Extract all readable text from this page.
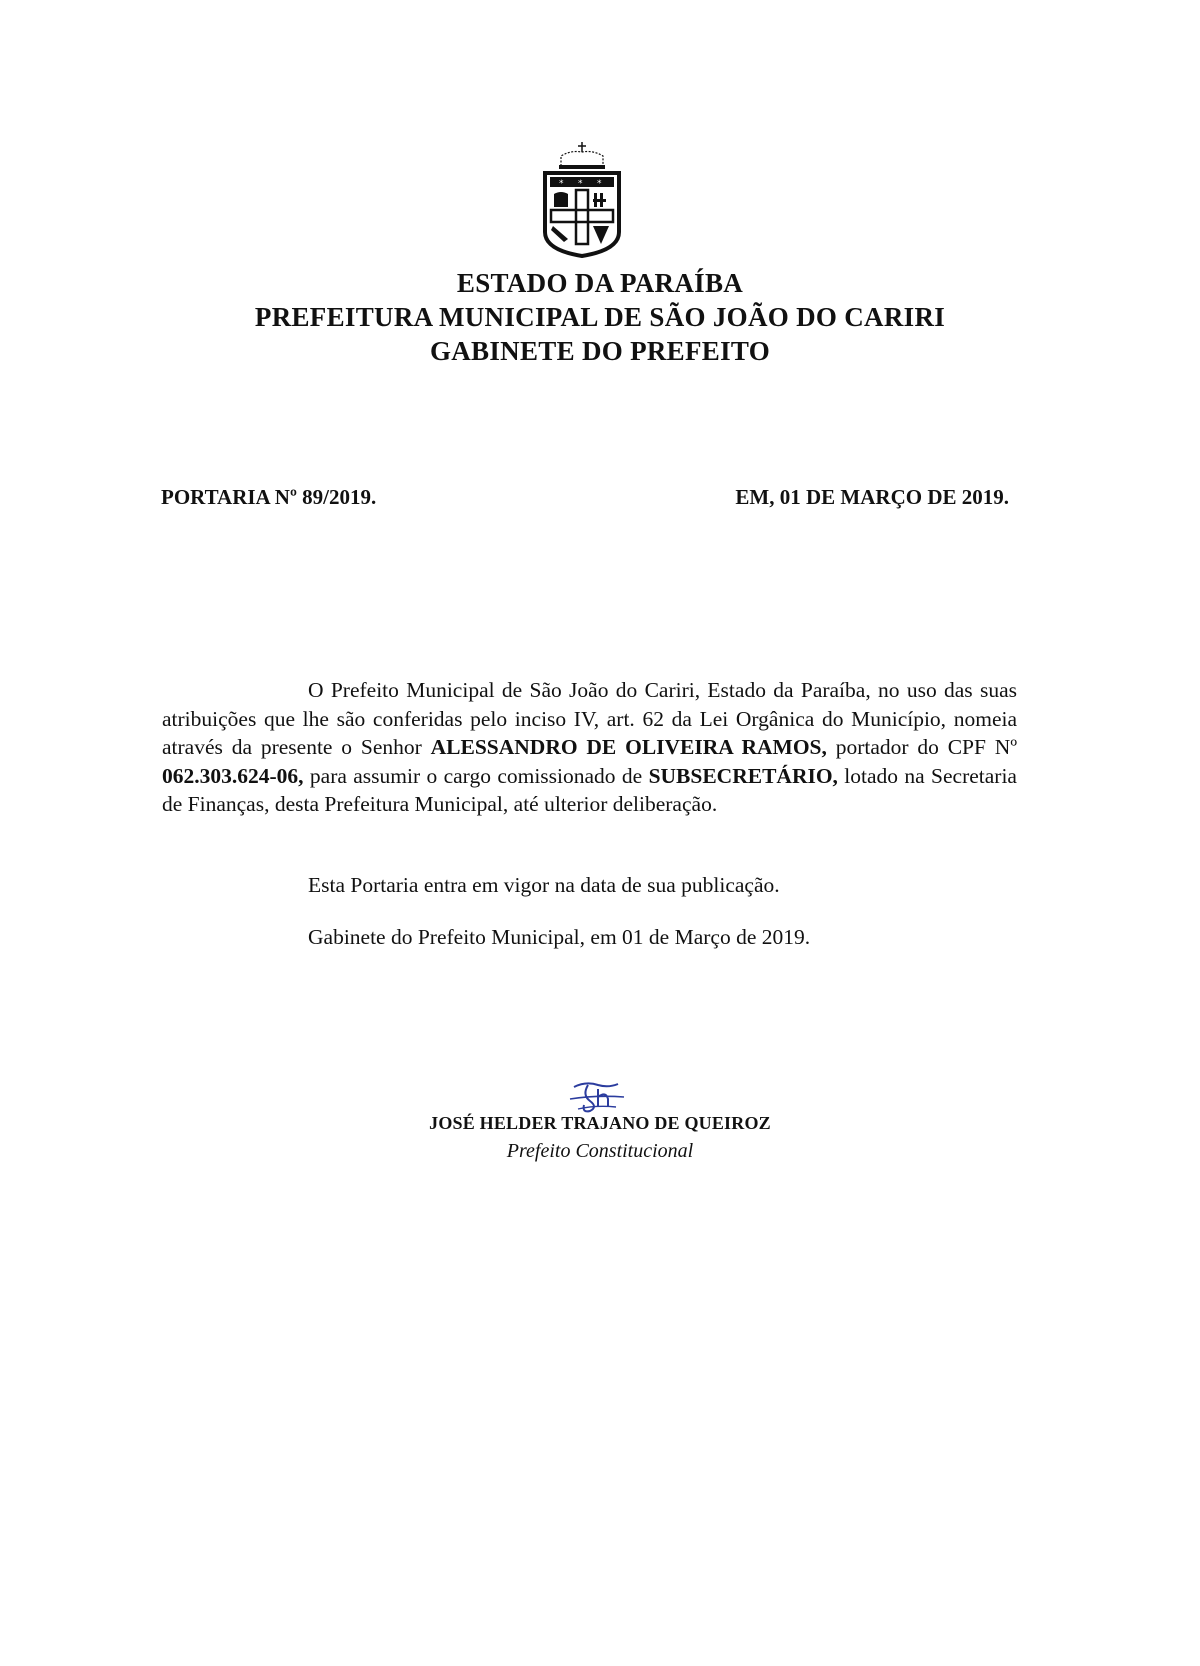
* * *
ESTADO DA PARAÍBA
PREFEITURA MUNICIPAL DE SÃO JOÃO DO CARIRI
GABINETE DO PREFEITO
PORTARIA Nº 89/2019.	EM, 01 DE MARÇO DE 2019.
O Prefeito Municipal de São João do Cariri, Estado da Paraíba, no uso das suas atribuições que lhe são conferidas pelo inciso IV, art. 62 da Lei Orgânica do Município, nomeia através da presente o Senhor ALESSANDRO DE OLIVEIRA RAMOS, portador do CPF Nº 062.303.624-06, para assumir o cargo comissionado de SUBSECRETÁRIO, lotado na Secretaria de Finanças, desta Prefeitura Municipal, até ulterior deliberação.
Esta Portaria entra em vigor na data de sua publicação.
Gabinete do Prefeito Municipal, em 01 de Março de 2019.
JOSÉ HELDER TRAJANO DE QUEIROZ
Prefeito Constitucional
